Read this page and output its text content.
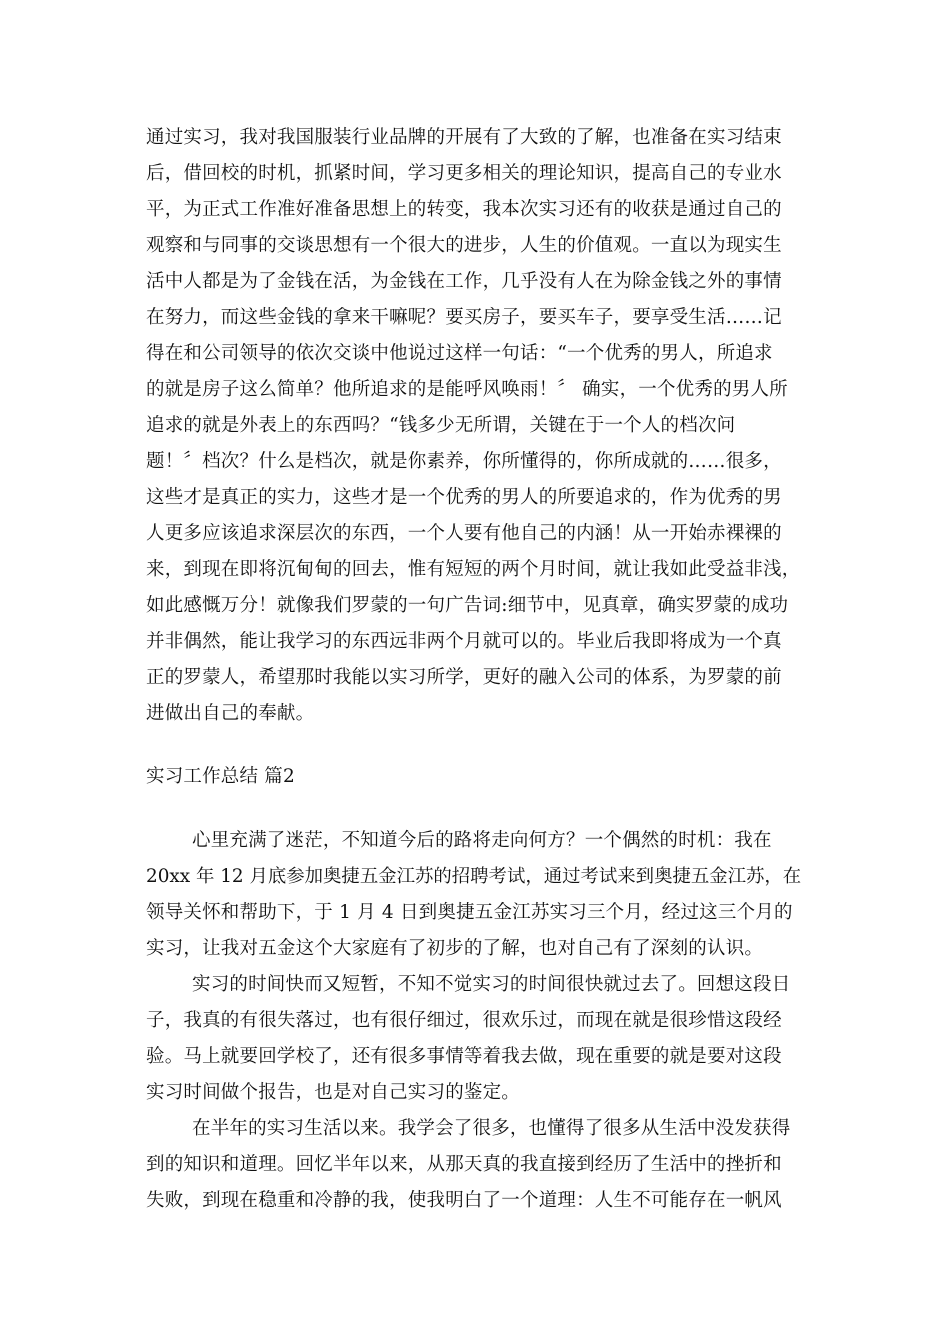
通过实习，我对我国服装行业品牌的开展有了大致的了解，也准备在实习结束
后，借回校的时机，抓紧时间，学习更多相关的理论知识，提高自己的专业水
平，为正式工作准好准备思想上的转变，我本次实习还有的收获是通过自己的
观察和与同事的交谈思想有一个很大的进步，人生的价值观。一直以为现实生
活中人都是为了金钱在活，为金钱在工作，几乎没有人在为除金钱之外的事情
在努力，而这些金钱的拿来干嘛呢？要买房子，要买车子，要享受生活……记
得在和公司领导的依次交谈中他说过这样一句话：“一个优秀的男人，所追求
的就是房子这么简单？他所追求的是能呼风唤雨！〞 确实，一个优秀的男人所
追求的就是外表上的东西吗？“钱多少无所谓，关键在于一个人的档次问
题！〞档次？什么是档次，就是你素养，你所懂得的，你所成就的……很多，
这些才是真正的实力，这些才是一个优秀的男人的所要追求的，作为优秀的男
人更多应该追求深层次的东西，一个人要有他自己的内涵！从一开始赤裸裸的
来，到现在即将沉甸甸的回去，惟有短短的两个月时间，就让我如此受益非浅，
如此感慨万分！就像我们罗蒙的一句广告词:细节中，见真章，确实罗蒙的成功
并非偶然，能让我学习的东西远非两个月就可以的。毕业后我即将成为一个真
正的罗蒙人，希望那时我能以实习所学，更好的融入公司的体系，为罗蒙的前
进做出自己的奉献。
实习工作总结 篇2
心里充满了迷茫，不知道今后的路将走向何方？一个偶然的时机：我在
20xx 年 12 月底参加奥捷五金江苏的招聘考试，通过考试来到奥捷五金江苏，在
领导关怀和帮助下，于 1 月 4 日到奥捷五金江苏实习三个月，经过这三个月的
实习，让我对五金这个大家庭有了初步的了解，也对自己有了深刻的认识。
实习的时间快而又短暂，不知不觉实习的时间很快就过去了。回想这段日
子，我真的有很失落过，也有很仔细过，很欢乐过，而现在就是很珍惜这段经
验。马上就要回学校了，还有很多事情等着我去做，现在重要的就是要对这段
实习时间做个报告，也是对自己实习的鉴定。
在半年的实习生活以来。我学会了很多，也懂得了很多从生活中没发获得
到的知识和道理。回忆半年以来，从那天真的我直接到经历了生活中的挫折和
失败，到现在稳重和冷静的我，使我明白了一个道理：人生不可能存在一帆风
